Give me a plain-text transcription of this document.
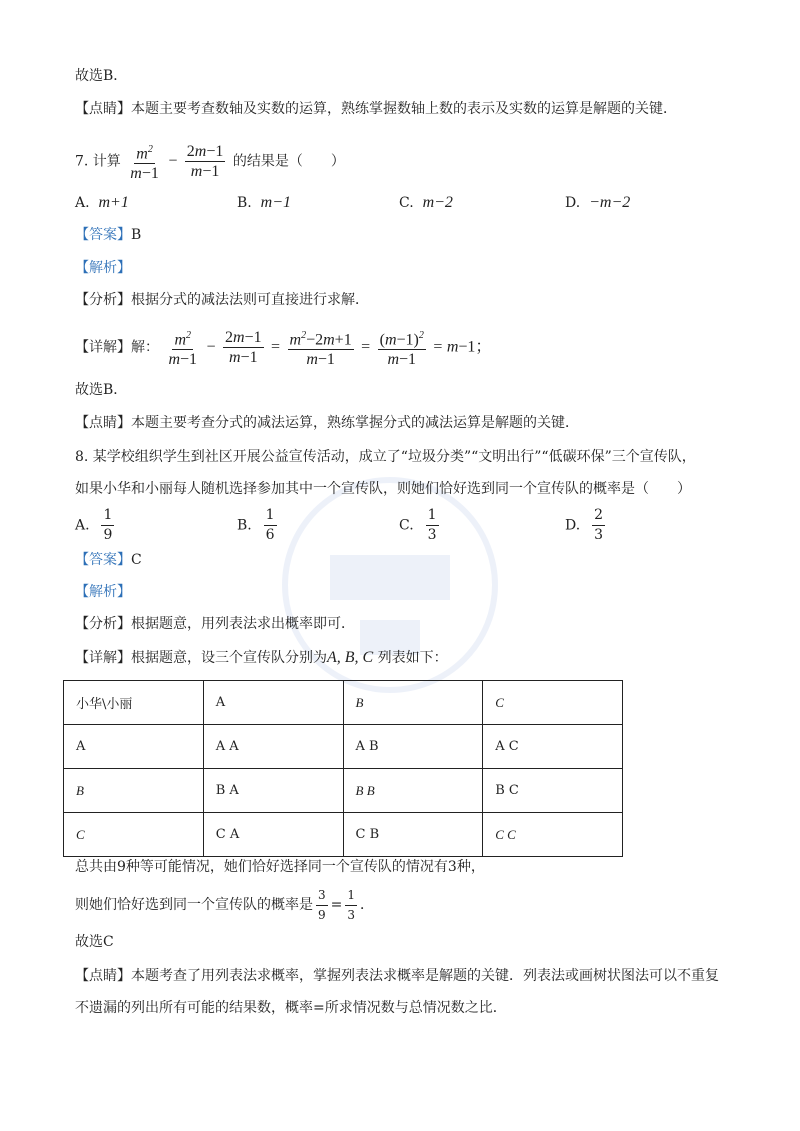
故选B．
【点睛】本题主要考查数轴及实数的运算，熟练掌握数轴上数的表示及实数的运算是解题的关键．
7. 计算 $\frac{m^2}{m-1} - \frac{2m-1}{m-1}$ 的结果是（　　）
A. m+1	B. m−1	C. m−2	D. −m−2
【答案】B
【解析】
【分析】根据分式的减法法则可直接进行求解．
【详解】解： $\frac{m^2}{m-1} - \frac{2m-1}{m-1} = \frac{m^2-2m+1}{m-1} = \frac{(m-1)^2}{m-1} = m-1$；
故选B．
【点睛】本题主要考查分式的减法运算，熟练掌握分式的减法运算是解题的关键．
8. 某学校组织学生到社区开展公益宣传活动，成立了“垃圾分类”“文明出行”“低碳环保”三个宣传队，
如果小华和小丽每人随机选择参加其中一个宣传队，则她们恰好选到同一个宣传队的概率是（　　）
A. $\frac{1}{9}$	B. $\frac{1}{6}$	C. $\frac{1}{3}$	D. $\frac{2}{3}$
【答案】C
【解析】
【分析】根据题意，用列表法求出概率即可．
【详解】根据题意，设三个宣传队分别为A, B, C 列表如下：
小华\小丽	A	B	C
A	A A	A B	A C
B	B A	B B	B C
C	C A	C B	C C
总共由9种等可能情况，她们恰好选择同一个宣传队的情况有3种，
则她们恰好选到同一个宣传队的概率是 $\frac{3}{9} = \frac{1}{3}$ ．
故选C
【点睛】本题考查了用列表法求概率，掌握列表法求概率是解题的关键．列表法或画树状图法可以不重复
不遗漏的列出所有可能的结果数，概率=所求情况数与总情况数之比．
